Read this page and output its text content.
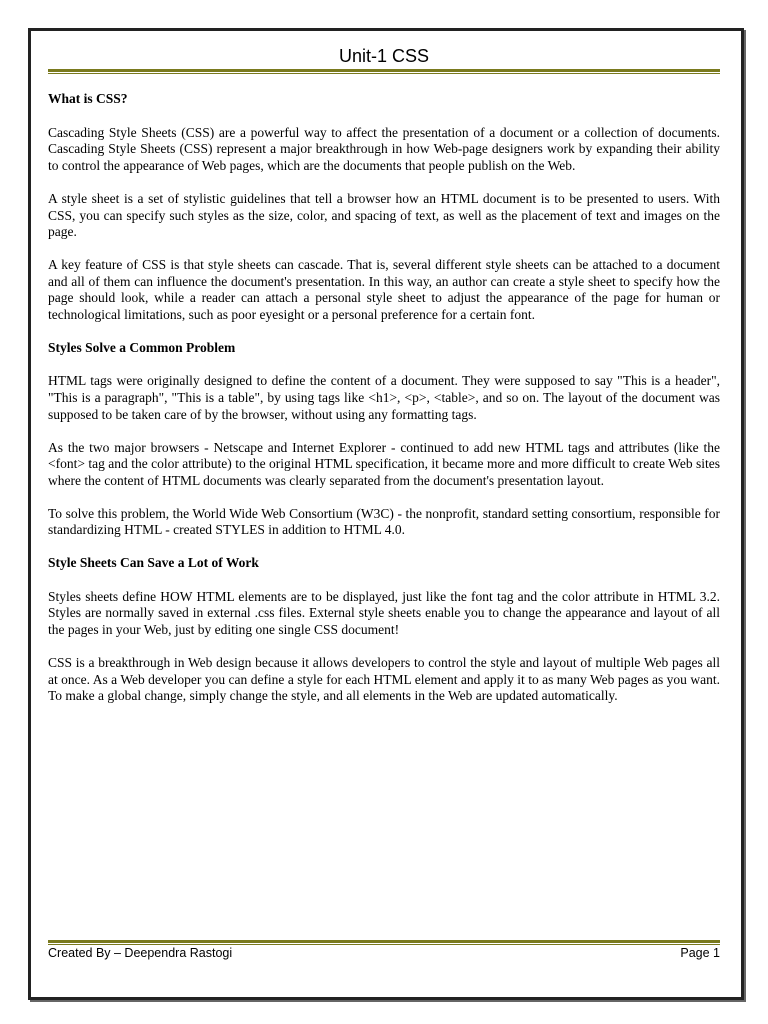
Unit-1 CSS
What is CSS?

Cascading Style Sheets (CSS) are a powerful way to affect the presentation of a document or a collection of documents. Cascading Style Sheets (CSS) represent a major breakthrough in how Web-page designers work by expanding their ability to control the appearance of Web pages, which are the documents that people publish on the Web.

A style sheet is a set of stylistic guidelines that tell a browser how an HTML document is to be presented to users. With CSS, you can specify such styles as the size, color, and spacing of text, as well as the placement of text and images on the page.

A key feature of CSS is that style sheets can cascade. That is, several different style sheets can be attached to a document and all of them can influence the document's presentation. In this way, an author can create a style sheet to specify how the page should look, while a reader can attach a personal style sheet to adjust the appearance of the page for human or technological limitations, such as poor eyesight or a personal preference for a certain font.

Styles Solve a Common Problem

HTML tags were originally designed to define the content of a document. They were supposed to say "This is a header", "This is a paragraph", "This is a table", by using tags like <h1>, <p>, <table>, and so on. The layout of the document was supposed to be taken care of by the browser, without using any formatting tags.

As the two major browsers - Netscape and Internet Explorer - continued to add new HTML tags and attributes (like the <font> tag and the color attribute) to the original HTML specification, it became more and more difficult to create Web sites where the content of HTML documents was clearly separated from the document's presentation layout.

To solve this problem, the World Wide Web Consortium (W3C) - the nonprofit, standard setting consortium, responsible for standardizing HTML - created STYLES in addition to HTML 4.0.

Style Sheets Can Save a Lot of Work

Styles sheets define HOW HTML elements are to be displayed, just like the font tag and the color attribute in HTML 3.2. Styles are normally saved in external .css files. External style sheets enable you to change the appearance and layout of all the pages in your Web, just by editing one single CSS document!

CSS is a breakthrough in Web design because it allows developers to control the style and layout of multiple Web pages all at once. As a Web developer you can define a style for each HTML element and apply it to as many Web pages as you want. To make a global change, simply change the style, and all elements in the Web are updated automatically.

Created By – Deependra Rastogi	Page 1
